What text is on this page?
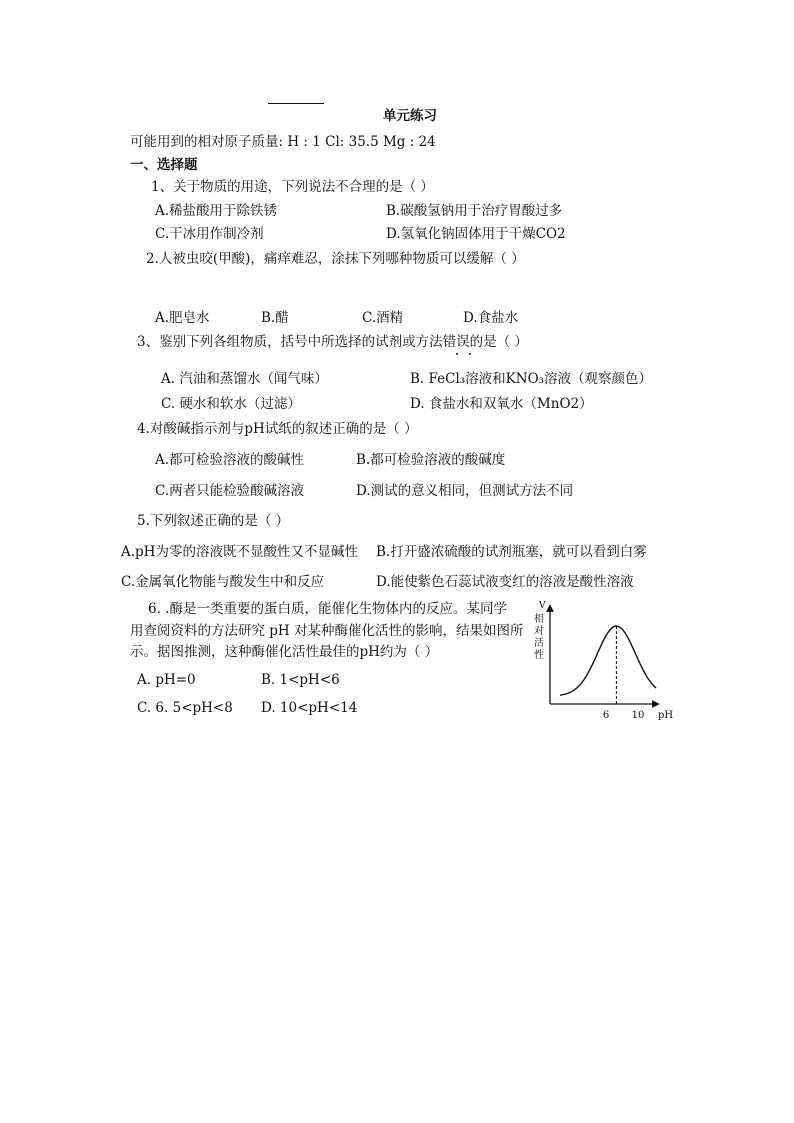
单元练习
可能用到的相对原子质量: H : 1 Cl: 35.5 Mg : 24
一、选择题
1、关于物质的用途，下列说法不合理的是（ ）
A.稀盐酸用于除铁锈	B.碳酸氢钠用于治疗胃酸过多
C.干冰用作制冷剂	D.氢氧化钠固体用于干燥CO2
2.人被虫咬(甲酸)，痛痒难忍，涂抹下列哪种物质可以缓解（ ）
A.肥皂水	B.醋	C.酒精	D.食盐水
3、鉴别下列各组物质，括号中所选择的试剂或方法错误的是（ ）
A. 汽油和蒸馏水（闻气味）	B. FeCl₃溶液和KNO₃溶液（观察颜色）
C. 硬水和软水（过滤）	D. 食盐水和双氧水（MnO2）
4.对酸碱指示剂与pH试纸的叙述正确的是（ ）
A.都可检验溶液的酸碱性	B.都可检验溶液的酸碱度
C.两者只能检验酸碱溶液	D.测试的意义相同，但测试方法不同
5.下列叙述正确的是（ ）
A.pH为零的溶液既不显酸性又不显碱性 B.打开盛浓硫酸的试剂瓶塞，就可以看到白雾
C.金属氧化物能与酸发生中和反应	D.能使紫色石蕊试液变红的溶液是酸性溶液
6. .酶是一类重要的蛋白质，能催化生物体内的反应。某同学
用查阅资料的方法研究 pH 对某种酶催化活性的影响，结果如图所
示。据图推测，这种酶催化活性最佳的pH约为（ ）
A. pH=0	B. 1<pH<6
C. 6. 5<pH<8 D. 10<pH<14
V
相
对
活
性
6 10 pH
